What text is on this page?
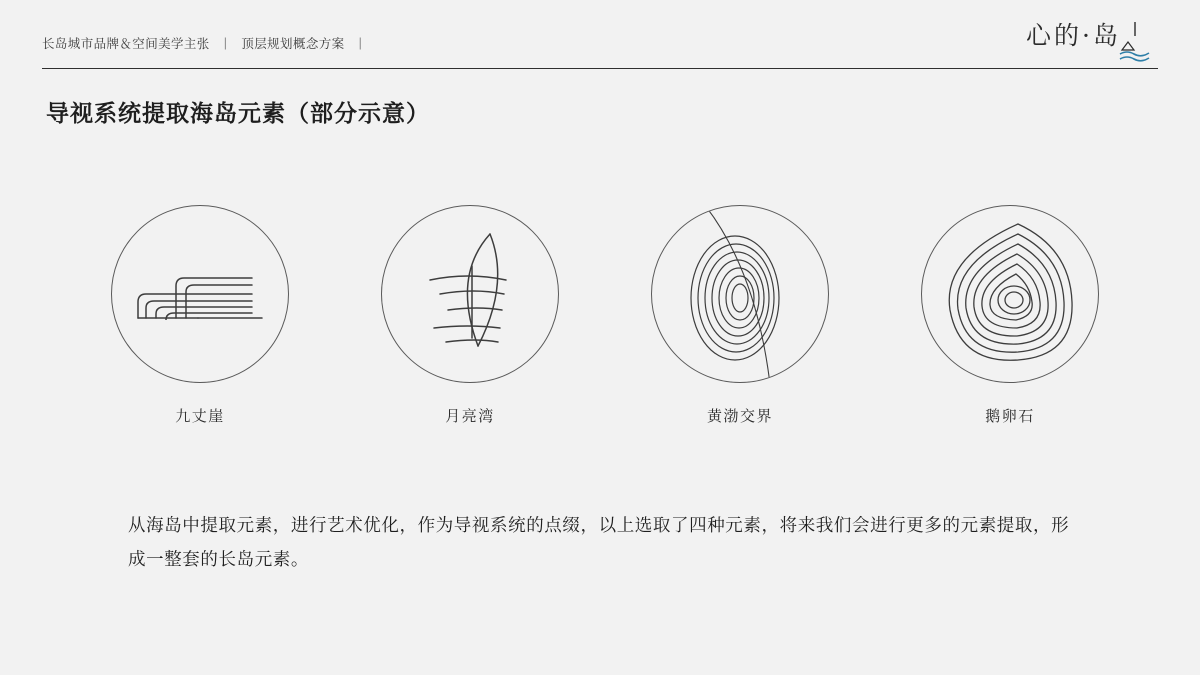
长岛城市品牌＆空间美学主张 | 顶层规划概念方案 |	心的·岛
导视系统提取海岛元素（部分示意）
九丈崖	月亮湾	黄渤交界	鹅卵石
从海岛中提取元素，进行艺术优化，作为导视系统的点缀，以上选取了四种元素，将来我们会进行更多的元素提取，形成一整套的长岛元素。
